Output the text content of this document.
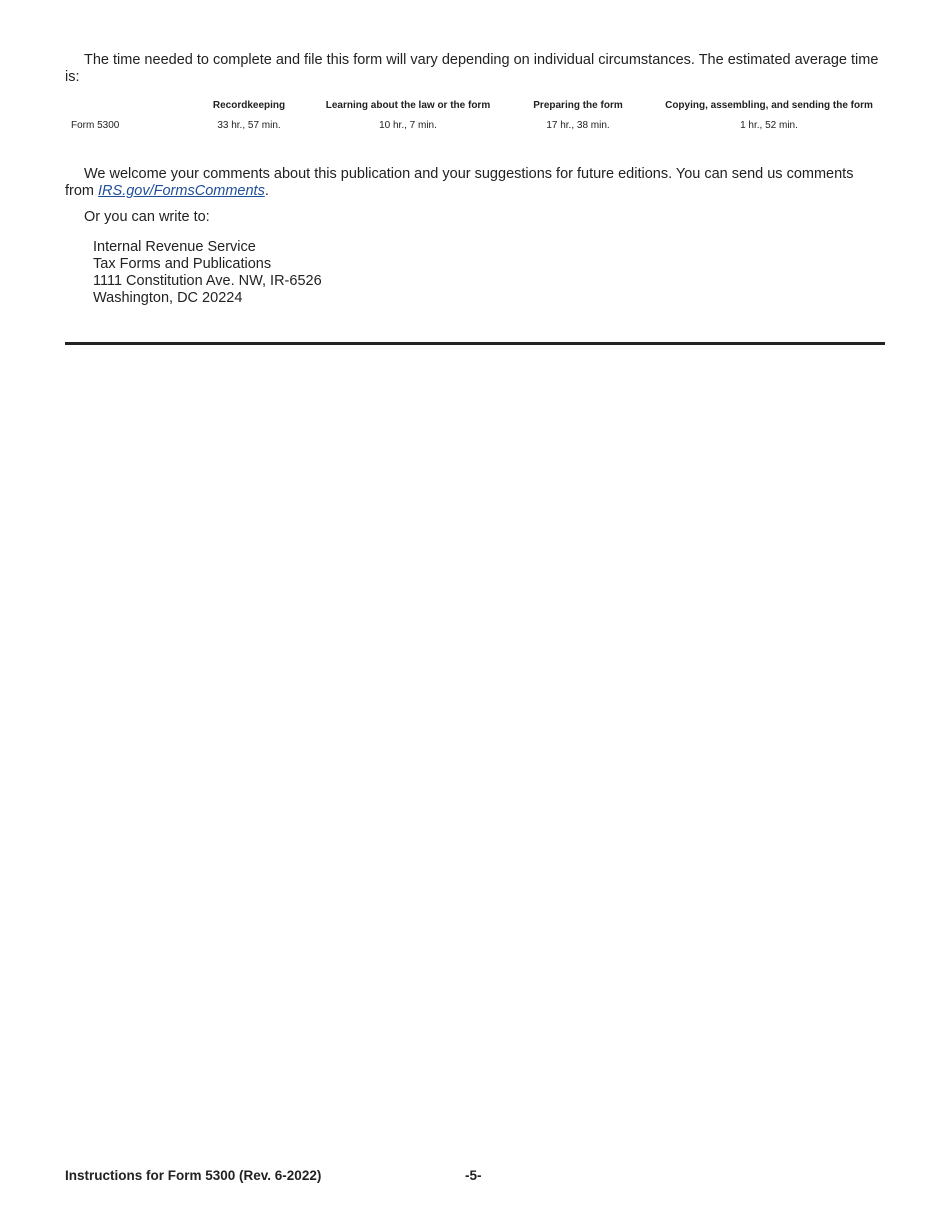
The time needed to complete and file this form will vary depending on individual circumstances. The estimated average time is:

	Recordkeeping	Learning about the law or the form	Preparing the form	Copying, assembling, and sending the form
Form 5300	33 hr., 57 min.	10 hr., 7 min.	17 hr., 38 min.	1 hr., 52 min.

We welcome your comments about this publication and your suggestions for future editions. You can send us comments from IRS.gov/FormsComments.

Or you can write to:

Internal Revenue Service
Tax Forms and Publications
1111 Constitution Ave. NW, IR-6526
Washington, DC 20224
Instructions for Form 5300 (Rev. 6-2022)	-5-
